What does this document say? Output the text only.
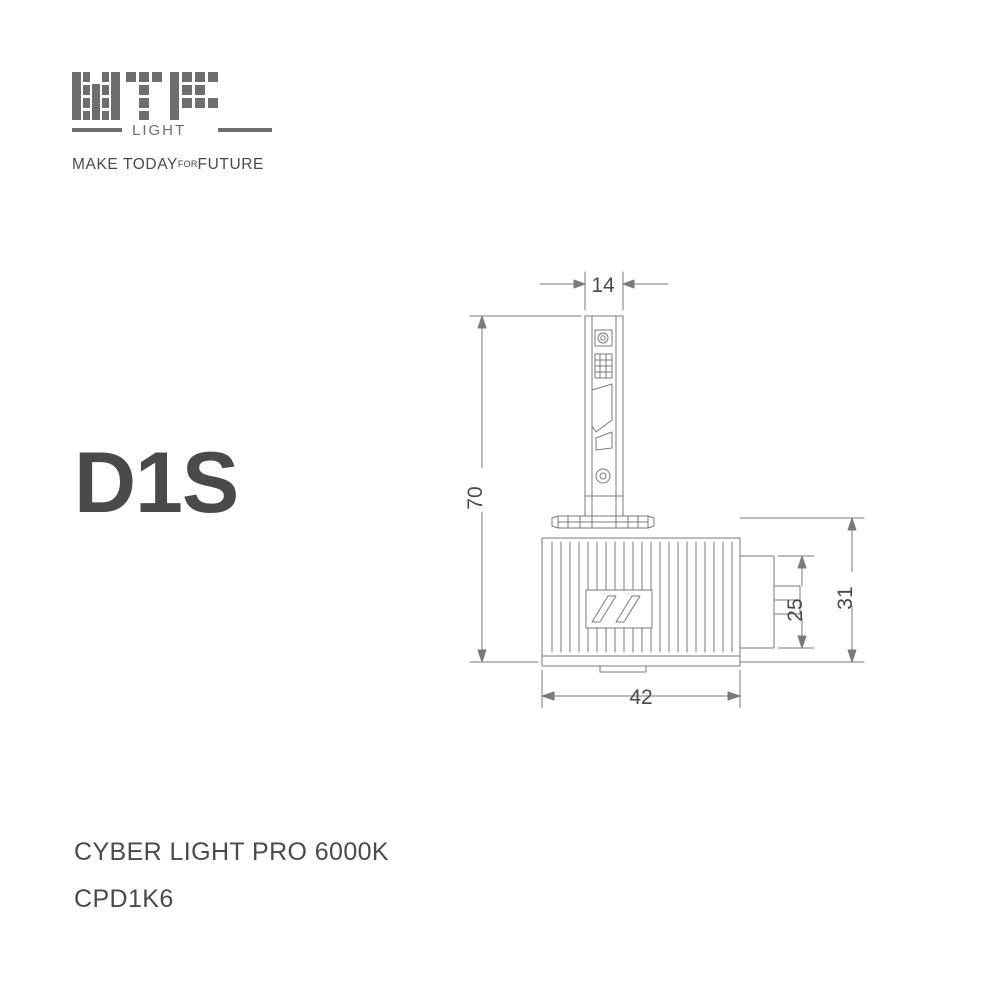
LIGHT
MAKE TODAYFORFUTURE
D1S
14
70
42
25
31
CYBER LIGHT PRO 6000K
CPD1K6
